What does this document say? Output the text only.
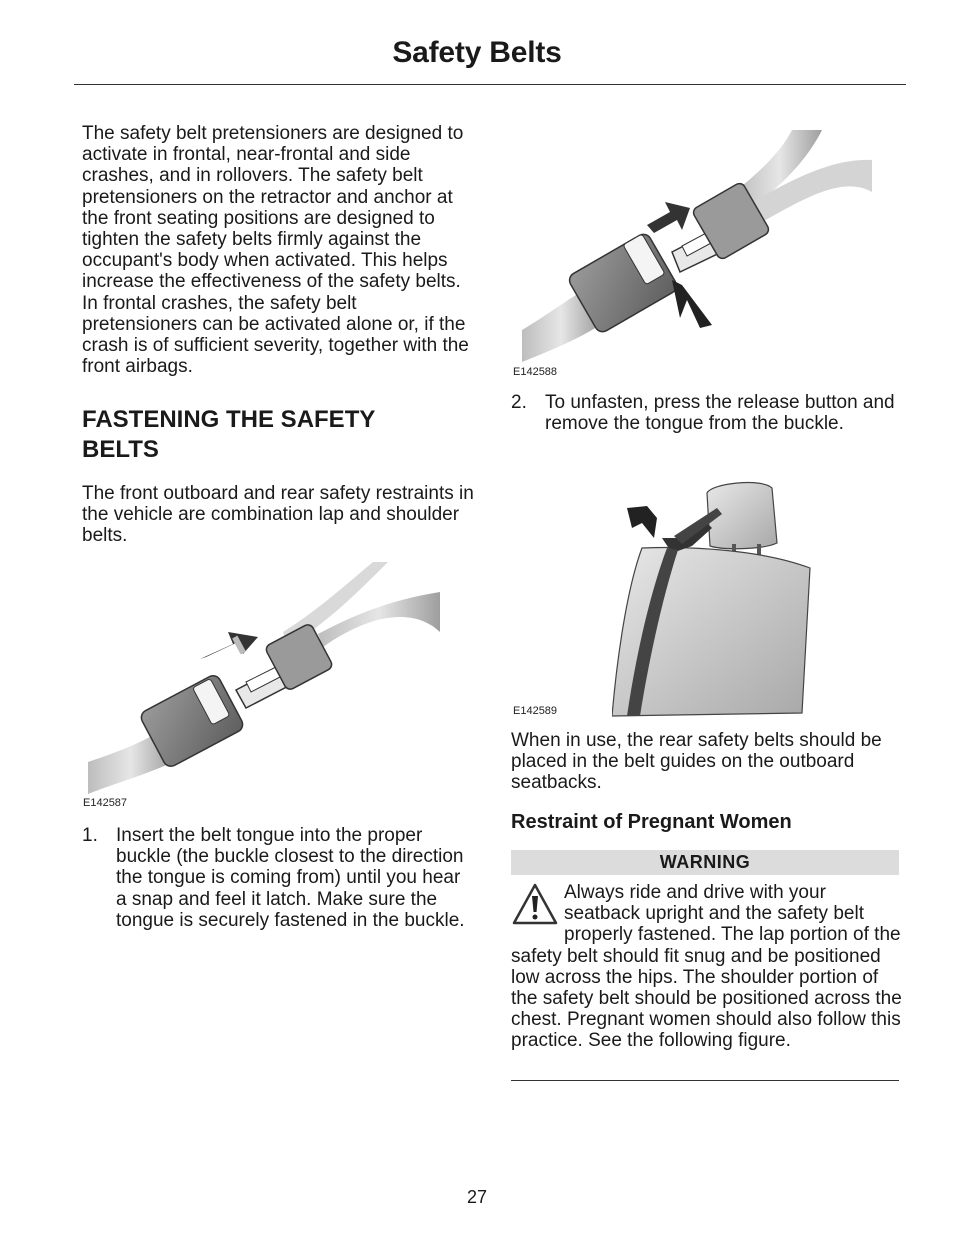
Safety Belts
The safety belt pretensioners are designed to activate in frontal, near-frontal and side crashes, and in rollovers. The safety belt pretensioners on the retractor and anchor at the front seating positions are designed to tighten the safety belts firmly against the occupant's body when activated. This helps increase the effectiveness of the safety belts. In frontal crashes, the safety belt pretensioners can be activated alone or, if the crash is of sufficient severity, together with the front airbags.
FASTENING THE SAFETY
BELTS
The front outboard and rear safety restraints in the vehicle are combination lap and shoulder belts.
E142587
1. Insert the belt tongue into the proper buckle (the buckle closest to the direction the tongue is coming from) until you hear a snap and feel it latch. Make sure the tongue is securely fastened in the buckle.
E142588
2. To unfasten, press the release button and remove the tongue from the buckle.
E142589
When in use, the rear safety belts should be placed in the belt guides on the outboard seatbacks.
Restraint of Pregnant Women
WARNING
Always ride and drive with your seatback upright and the safety belt properly fastened. The lap portion of the safety belt should fit snug and be positioned low across the hips. The shoulder portion of the safety belt should be positioned across the chest. Pregnant women should also follow this practice. See the following figure.
27
